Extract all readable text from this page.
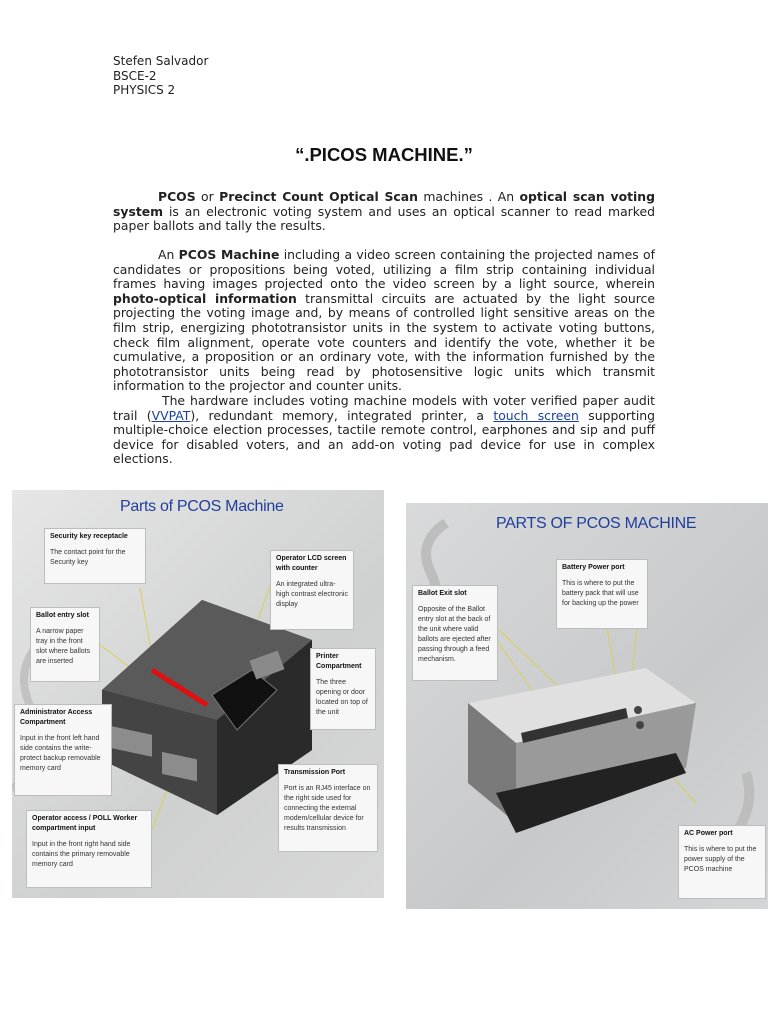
Stefen Salvador
BSCE-2
PHYSICS 2
“.PICOS MACHINE.”

PCOS or Precinct Count Optical Scan machines . An optical scan voting system is an electronic voting system and uses an optical scanner to read marked paper ballots and tally the results.

An PCOS Machine including a video screen containing the projected names of candidates or propositions being voted, utilizing a film strip containing individual frames having images projected onto the video screen by a light source, wherein photo-optical information transmittal circuits are actuated by the light source projecting the voting image and, by means of controlled light sensitive areas on the film strip, energizing phototransistor units in the system to activate voting buttons, check film alignment, operate vote counters and identify the vote, whether it be cumulative, a proposition or an ordinary vote, with the information furnished by the phototransistor units being read by photosensitive logic units which transmit information to the projector and counter units.

The hardware includes voting machine models with voter verified paper audit trail (VVPAT), redundant memory, integrated printer, a touch screen supporting multiple-choice election processes, tactile remote control, earphones and sip and puff device for disabled voters, and an add-on voting pad device for use in complex elections.

Parts of PCOS Machine
Security key receptacle
The contact point for the Security key
Ballot entry slot
A narrow paper tray in the front slot where ballots are inserted
Administrator Access Compartment
Input in the front left hand side contains the write-protect backup removable memory card
Operator access / POLL Worker compartment input
Input in the front right hand side contains the primary removable memory card
Operator LCD screen with counter
An integrated ultra-high contrast electronic display
Printer Compartment
The three opening or door located on top of the unit
Transmission Port
Port is an RJ45 interface on the right side used for connecting the external modem/cellular device for results transmission
PARTS OF PCOS MACHINE
Ballot Exit slot
Opposite of the Ballot entry slot at the back of the unit where valid ballots are ejected after passing through a feed mechanism.
Battery Power port
This is where to put the battery pack that will use for backing up the power
AC Power port
This is where to put the power supply of the PCOS machine
